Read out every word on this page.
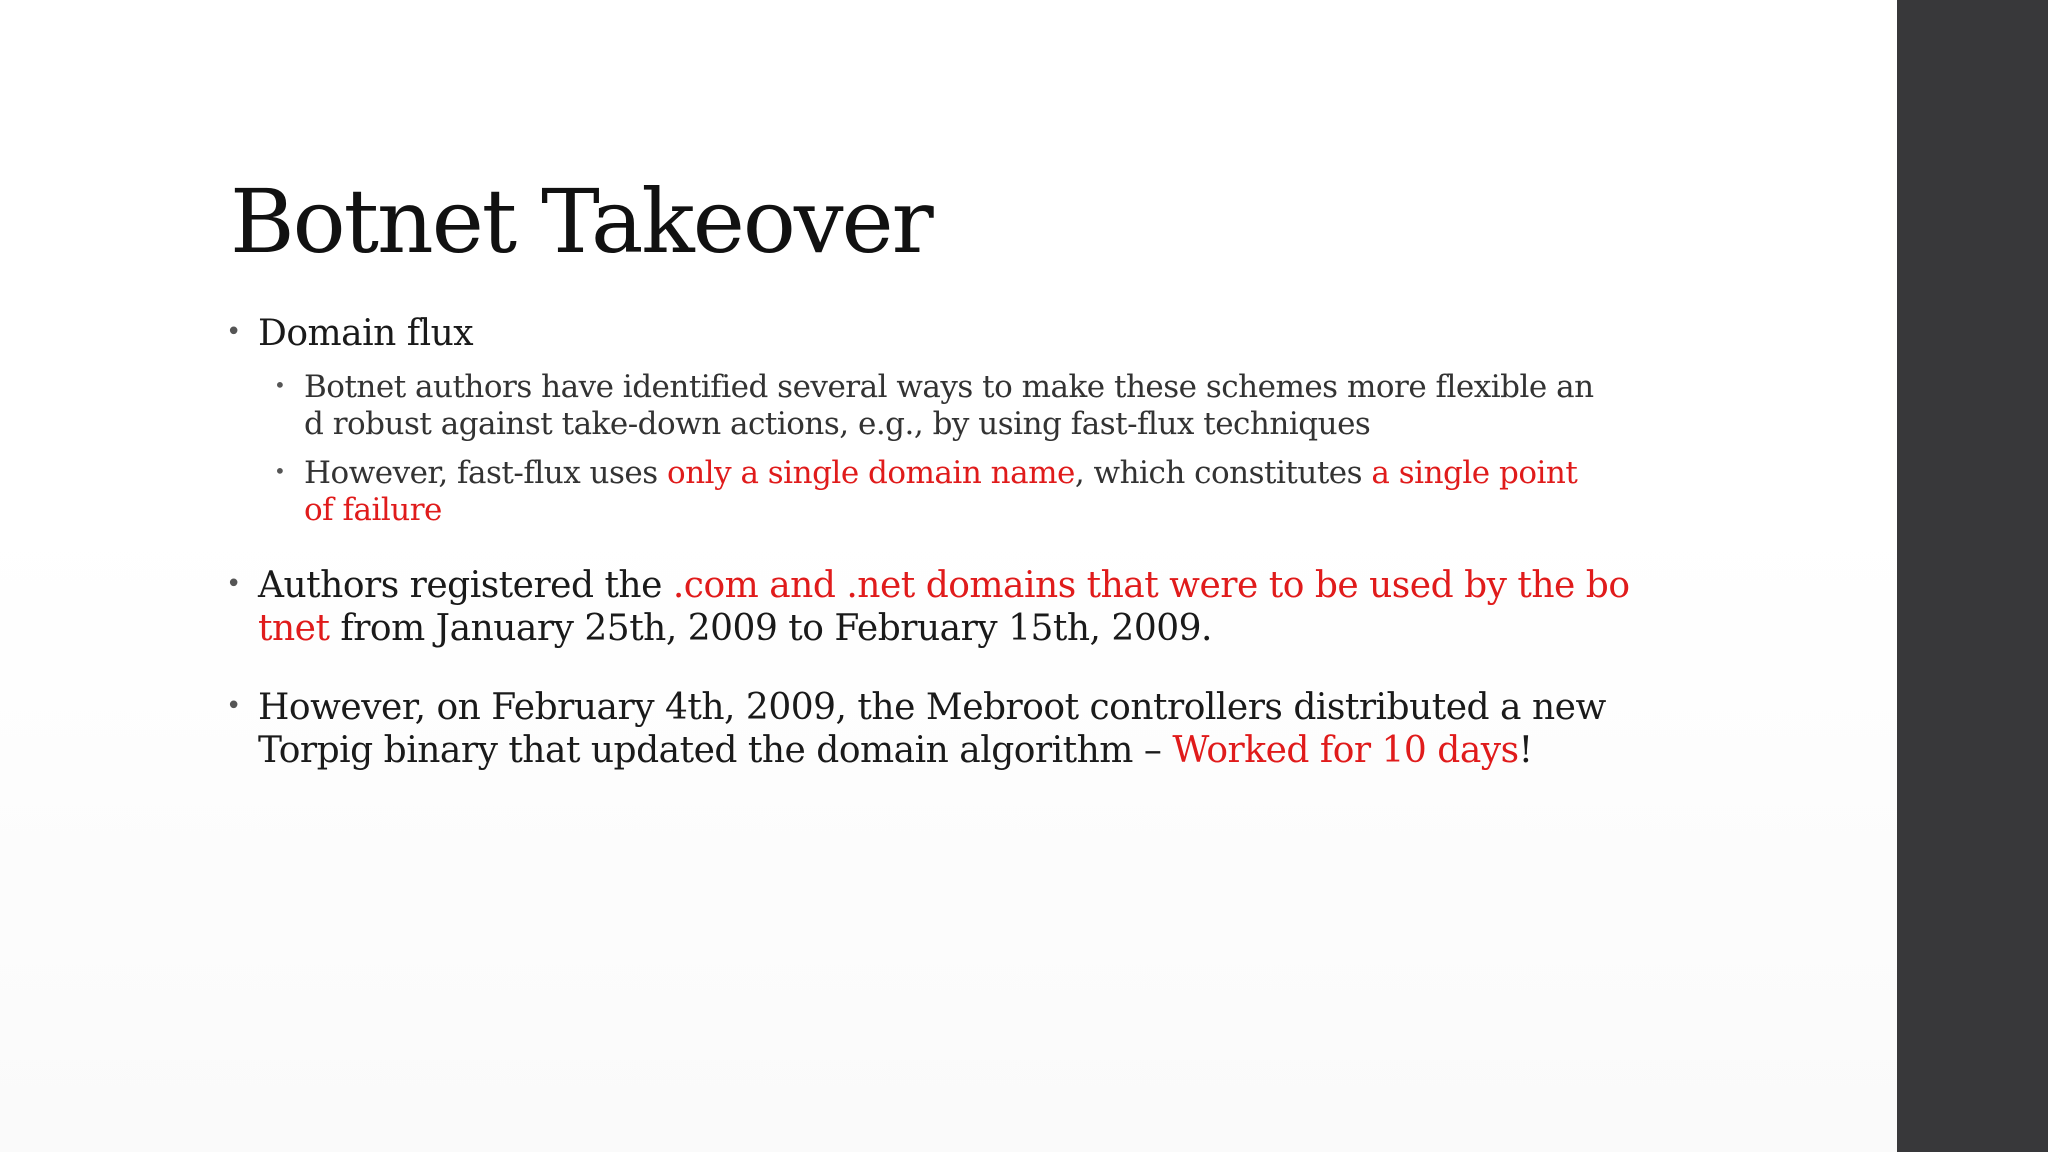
Botnet Takeover
• Domain flux
• Botnet authors have identified several ways to make these schemes more flexible an
d robust against take-down actions, e.g., by using fast-flux techniques
• However, fast-flux uses only a single domain name, which constitutes a single point
of failure
• Authors registered the .com and .net domains that were to be used by the bo
tnet from January 25th, 2009 to February 15th, 2009.
• However, on February 4th, 2009, the Mebroot controllers distributed a new
Torpig binary that updated the domain algorithm – Worked for 10 days!
